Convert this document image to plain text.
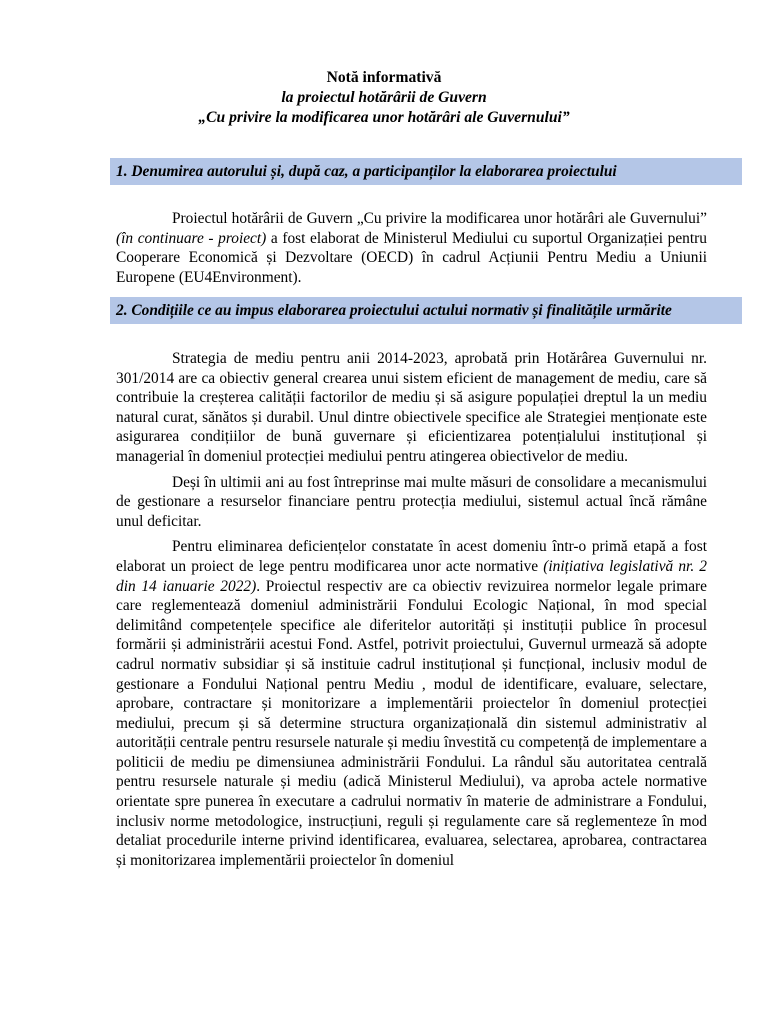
Notă informativă
la proiectul hotărârii de Guvern
„Cu privire la modificarea unor hotărâri ale Guvernului”
1. Denumirea autorului și, după caz, a participanților la elaborarea proiectului

Proiectul hotărârii de Guvern „Cu privire la modificarea unor hotărâri ale Guvernului” (în continuare - proiect) a fost elaborat de Ministerul Mediului cu suportul Organizației pentru Cooperare Economică și Dezvoltare (OECD) în cadrul Acțiunii Pentru Mediu a Uniunii Europene (EU4Environment).

2. Condițiile ce au impus elaborarea proiectului actului normativ și finalitățile urmărite

Strategia de mediu pentru anii 2014-2023, aprobată prin Hotărârea Guvernului nr. 301/2014 are ca obiectiv general crearea unui sistem eficient de management de mediu, care să contribuie la creșterea calității factorilor de mediu și să asigure populației dreptul la un mediu natural curat, sănătos și durabil. Unul dintre obiectivele specifice ale Strategiei menționate este asigurarea condițiilor de bună guvernare și eficientizarea potențialului instituțional și managerial în domeniul protecției mediului pentru atingerea obiectivelor de mediu.

Deși în ultimii ani au fost întreprinse mai multe măsuri de consolidare a mecanismului de gestionare a resurselor financiare pentru protecția mediului, sistemul actual încă rămâne unul deficitar.

Pentru eliminarea deficiențelor constatate în acest domeniu într-o primă etapă a fost elaborat un proiect de lege pentru modificarea unor acte normative (inițiativa legislativă nr. 2 din 14 ianuarie 2022). Proiectul respectiv are ca obiectiv revizuirea normelor legale primare care reglementează domeniul administrării Fondului Ecologic Național, în mod special delimitând competențele specifice ale diferitelor autorități și instituții publice în procesul formării și administrării acestui Fond. Astfel, potrivit proiectului, Guvernul urmează să adopte cadrul normativ subsidiar și să instituie cadrul instituțional și funcțional, inclusiv modul de gestionare a Fondului Național pentru Mediu , modul de identificare, evaluare, selectare, aprobare, contractare și monitorizare a implementării proiectelor în domeniul protecției mediului, precum și să determine structura organizațională din sistemul administrativ al autorității centrale pentru resursele naturale și mediu învestită cu competență de implementare a politicii de mediu pe dimensiunea administrării Fondului. La rândul său autoritatea centrală pentru resursele naturale și mediu (adică Ministerul Mediului), va aproba actele normative orientate spre punerea în executare a cadrului normativ în materie de administrare a Fondului, inclusiv norme metodologice, instrucțiuni, reguli și regulamente care să reglementeze în mod detaliat procedurile interne privind identificarea, evaluarea, selectarea, aprobarea, contractarea și monitorizarea implementării proiectelor în domeniul
